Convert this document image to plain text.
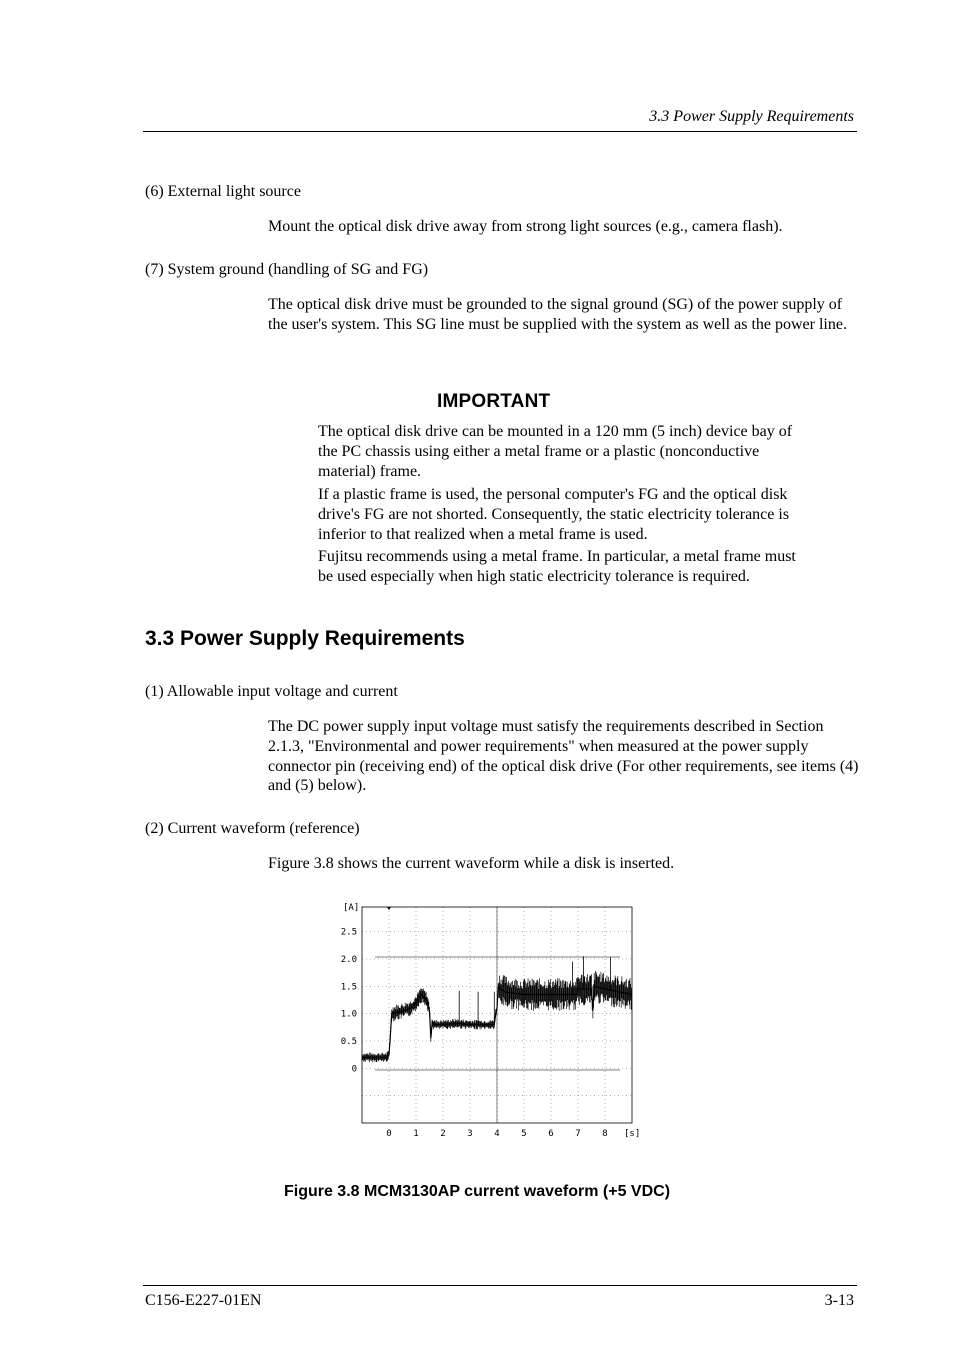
3.3 Power Supply Requirements
(6) External light source
Mount the optical disk drive away from strong light sources (e.g., camera flash).
(7) System ground (handling of SG and FG)
The optical disk drive must be grounded to the signal ground (SG) of the power supply of the user's system. This SG line must be supplied with the system as well as the power line.
IMPORTANT
The optical disk drive can be mounted in a 120 mm (5 inch) device bay of the PC chassis using either a metal frame or a plastic (nonconductive material) frame.
If a plastic frame is used, the personal computer's FG and the optical disk drive's FG are not shorted. Consequently, the static electricity tolerance is inferior to that realized when a metal frame is used.
Fujitsu recommends using a metal frame. In particular, a metal frame must be used especially when high static electricity tolerance is required.
3.3 Power Supply Requirements
(1) Allowable input voltage and current
The DC power supply input voltage must satisfy the requirements described in Section 2.1.3, "Environmental and power requirements" when measured at the power supply connector pin (receiving end) of the optical disk drive (For other requirements, see items (4) and (5) below).
(2) Current waveform (reference)
Figure 3.8 shows the current waveform while a disk is inserted.
2.5
2.0
1.5
1.0
0.5
0
0 1 2 3 4 5 6 7 8
[A]
[s]
Figure 3.8 MCM3130AP current waveform (+5 VDC)
C156-E227-01EN	3-13
